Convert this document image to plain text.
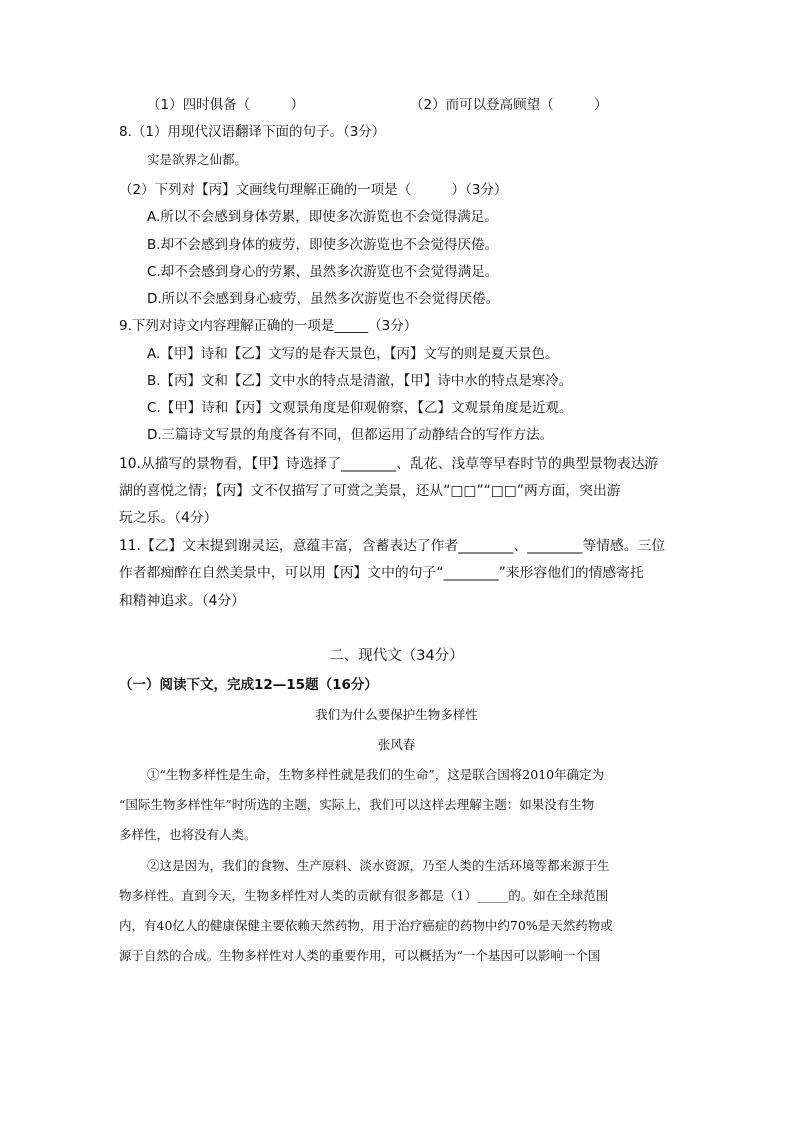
（1）四时俱备（　　　）	（2）而可以登高顾望（　　　）
8.（1）用现代汉语翻译下面的句子。（3分）
实是欲界之仙都。
（2）下列对【丙】文画线句理解正确的一项是（　　　）（3分）
A.所以不会感到身体劳累，即使多次游览也不会觉得满足。
B.却不会感到身体的疲劳，即使多次游览也不会觉得厌倦。
C.却不会感到身心的劳累，虽然多次游览也不会觉得满足。
D.所以不会感到身心疲劳，虽然多次游览也不会觉得厌倦。
9.下列对诗文内容理解正确的一项是_____（3分）
A.【甲】诗和【乙】文写的是春天景色，【丙】文写的则是夏天景色。
B.【丙】文和【乙】文中水的特点是清澈，【甲】诗中水的特点是寒冷。
C.【甲】诗和【丙】文观景角度是仰观俯察，【乙】文观景角度是近观。
D.三篇诗文写景的角度各有不同，但都运用了动静结合的写作方法。
10.从描写的景物看，【甲】诗选择了________、乱花、浅草等早春时节的典型景物表达游
湖的喜悦之情；【丙】文不仅描写了可赏之美景，还从“□□”“□□”两方面，突出游
玩之乐。（4分）
11.【乙】文末提到谢灵运，意蕴丰富，含蓄表达了作者________、________等情感。三位
作者都痴醉在自然美景中，可以用【丙】文中的句子“________”来形容他们的情感寄托
和精神追求。（4分）
二、现代文（34分）
（一）阅读下文，完成12—15题（16分）
我们为什么要保护生物多样性
张风春
①“生物多样性是生命，生物多样性就是我们的生命”，这是联合国将2010年确定为
“国际生物多样性年”时所选的主题，实际上，我们可以这样去理解主题：如果没有生物
多样性，也将没有人类。
②这是因为，我们的食物、生产原料、淡水资源，乃至人类的生活环境等都来源于生
物多样性。直到今天，生物多样性对人类的贡献有很多都是（1）_____的。如在全球范围
内，有40亿人的健康保健主要依赖天然药物，用于治疗癌症的药物中约70%是天然药物或
源于自然的合成。生物多样性对人类的重要作用，可以概括为“一个基因可以影响一个国
